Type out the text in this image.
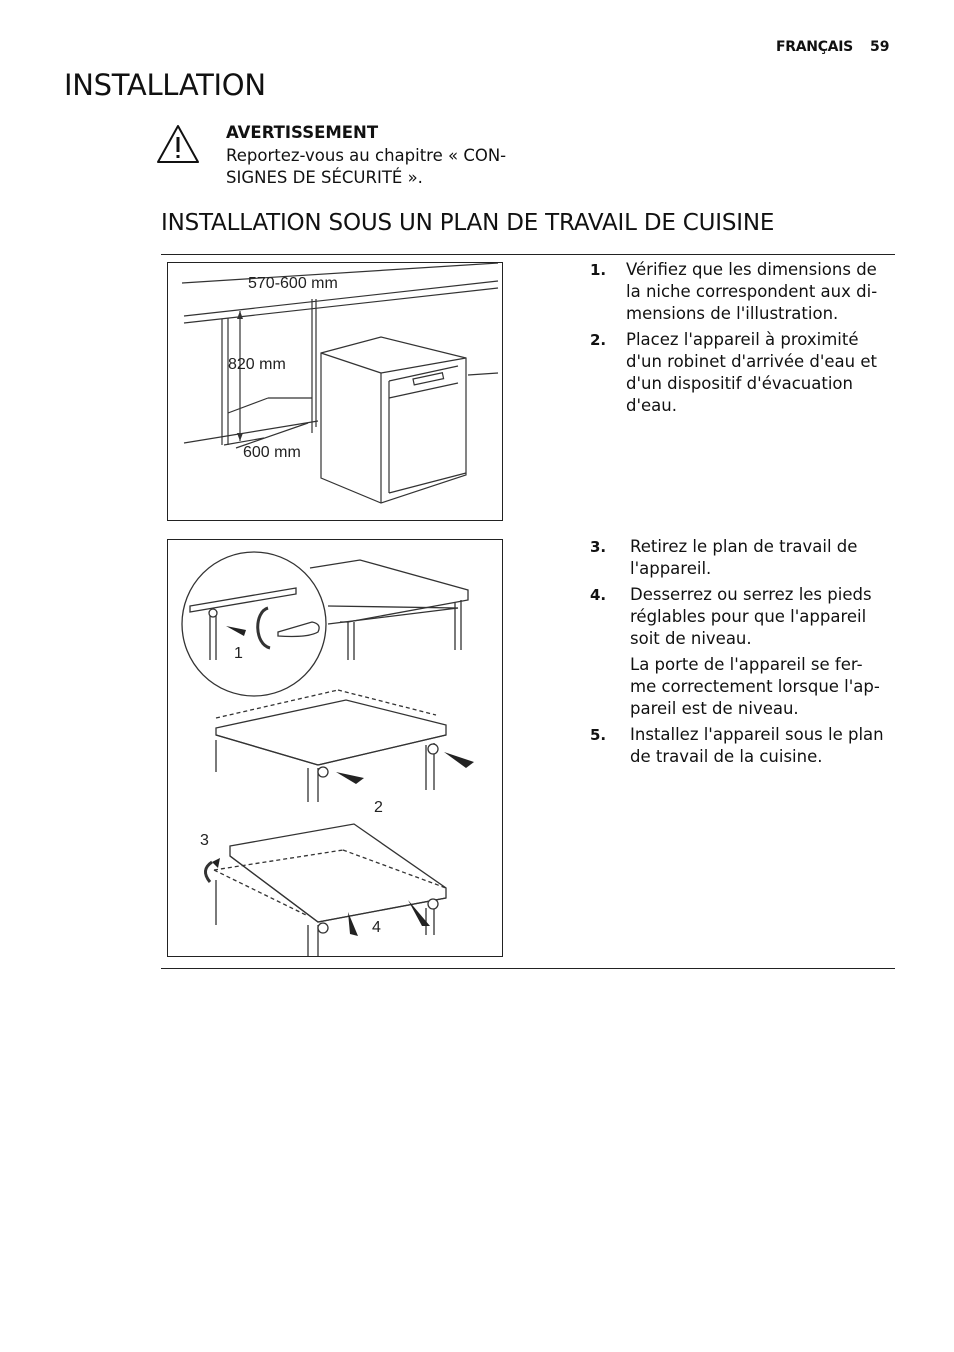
FRANÇAIS 59
INSTALLATION
AVERTISSEMENT
Reportez-vous au chapitre « CON- SIGNES DE SÉCURITÉ ».
INSTALLATION SOUS UN PLAN DE TRAVAIL DE CUISINE
570-600 mm
820 mm
600 mm
1. Vérifiez que les dimensions de la niche correspondent aux di- mensions de l'illustration.
2. Placez l'appareil à proximité d'un robinet d'arrivée d'eau et d'un dispositif d'évacuation d'eau.
1
2
3
4
3. Retirez le plan de travail de l'appareil.
4. Desserrez ou serrez les pieds réglables pour que l'appareil soit de niveau.
La porte de l'appareil se fer- me correctement lorsque l'ap- pareil est de niveau.
5. Installez l'appareil sous le plan de travail de la cuisine.
